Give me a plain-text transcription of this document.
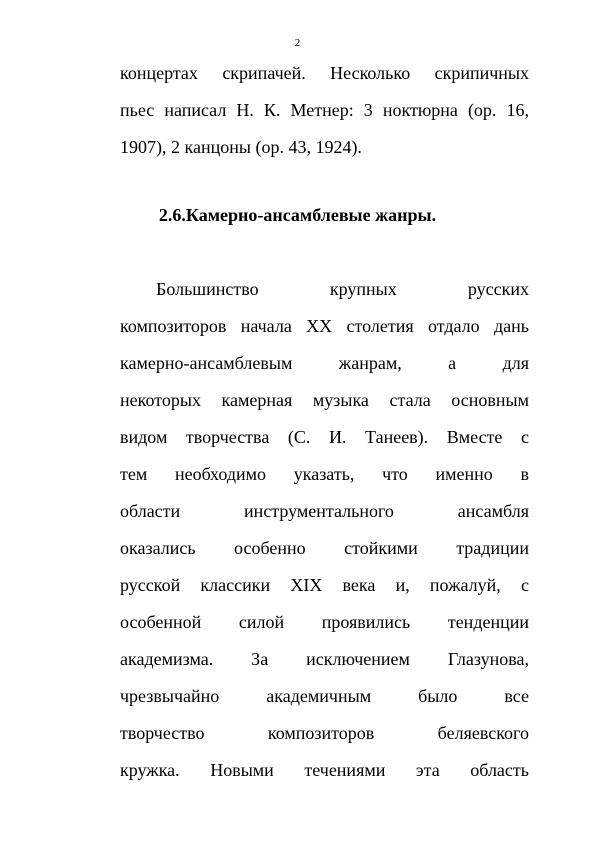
2
концертах скрипачей. Несколько скрипичных
пьес написал Н. К. Метнер: 3 ноктюрна (ор. 16,
1907), 2 канцоны (ор. 43, 1924).
2.6.Камерно-ансамблевые жанры.
Большинство крупных русских
композиторов начала XX столетия отдало дань
камерно-ансамблевым жанрам, а для
некоторых камерная музыка стала основным
видом творчества (С. И. Танеев). Вместе с
тем необходимо указать, что именно в
области инструментального ансамбля
оказались особенно стойкими традиции
русской классики XIX века и, пожалуй, с
особенной силой проявились тенденции
академизма. За исключением Глазунова,
чрезвычайно академичным было все
творчество композиторов беляевского
кружка. Новыми течениями эта область
